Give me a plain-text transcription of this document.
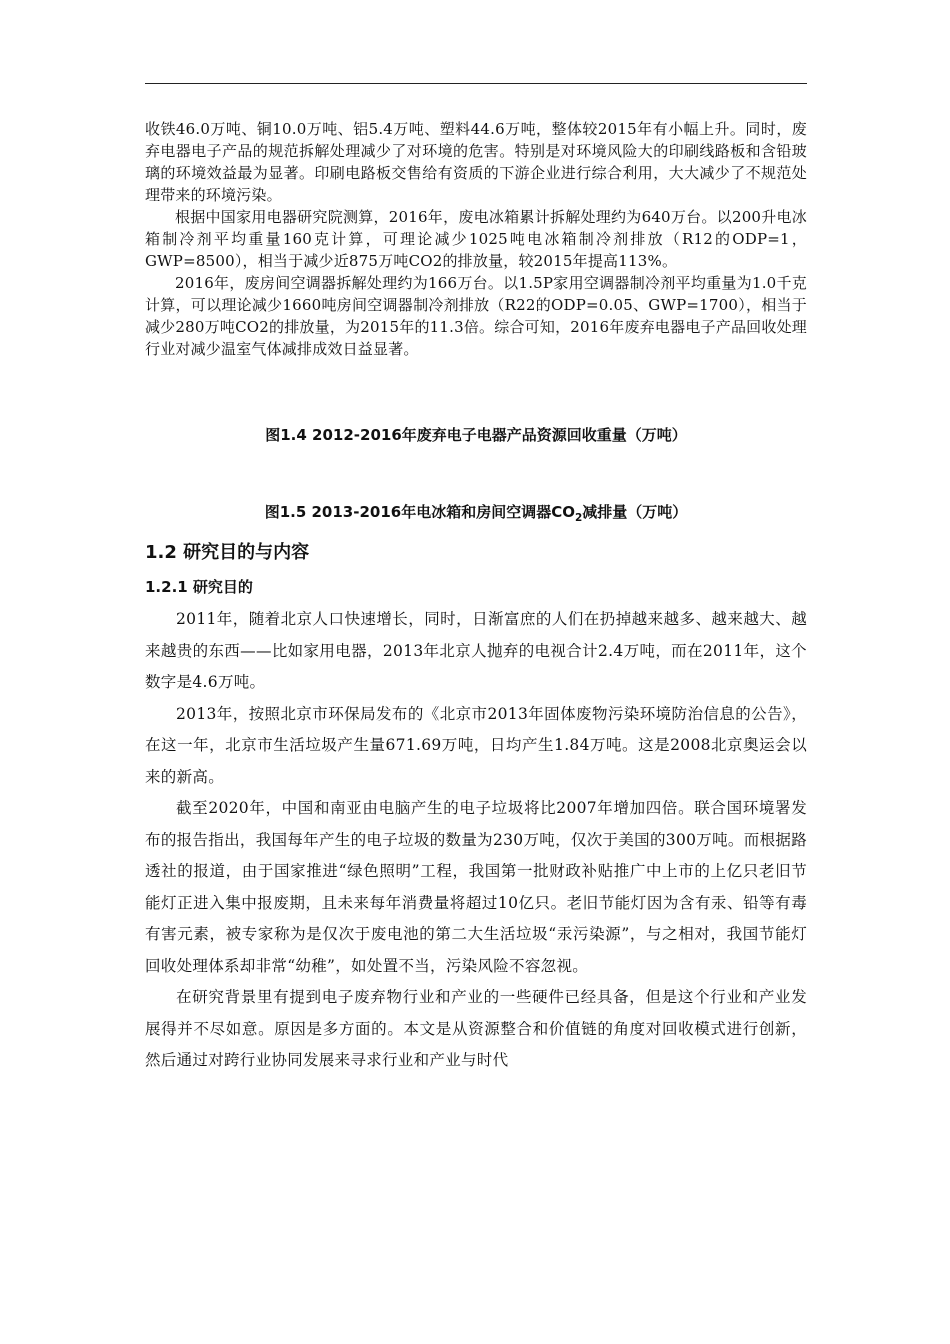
收铁46.0万吨、铜10.0万吨、铝5.4万吨、塑料44.6万吨，整体较2015年有小幅上升。同时，废弃电器电子产品的规范拆解处理减少了对环境的危害。特别是对环境风险大的印刷线路板和含铅玻璃的环境效益最为显著。印刷电路板交售给有资质的下游企业进行综合利用，大大减少了不规范处理带来的环境污染。

根据中国家用电器研究院测算，2016年，废电冰箱累计拆解处理约为640万台。以200升电冰箱制冷剂平均重量160克计算，可理论减少1025吨电冰箱制冷剂排放（R12的ODP=1，GWP=8500），相当于减少近875万吨CO2的排放量，较2015年提高113%。

2016年，废房间空调器拆解处理约为166万台。以1.5P家用空调器制冷剂平均重量为1.0千克计算，可以理论减少1660吨房间空调器制冷剂排放（R22的ODP=0.05、GWP=1700），相当于减少280万吨CO2的排放量，为2015年的11.3倍。综合可知，2016年废弃电器电子产品回收处理行业对减少温室气体减排成效日益显著。

图1.4 2012-2016年废弃电子电器产品资源回收重量（万吨）

图1.5 2013-2016年电冰箱和房间空调器$CO_2$减排量（万吨）

1.2 研究目的与内容
1.2.1 研究目的

2011年，随着北京人口快速增长，同时，日渐富庶的人们在扔掉越来越多、越来越大、越来越贵的东西——比如家用电器，2013年北京人抛弃的电视合计2.4万吨，而在2011年，这个数字是4.6万吨。

2013年，按照北京市环保局发布的《北京市2013年固体废物污染环境防治信息的公告》，在这一年，北京市生活垃圾产生量671.69万吨，日均产生1.84万吨。这是2008北京奥运会以来的新高。

截至2020年，中国和南亚由电脑产生的电子垃圾将比2007年增加四倍。联合国环境署发布的报告指出，我国每年产生的电子垃圾的数量为230万吨，仅次于美国的300万吨。而根据路透社的报道，由于国家推进“绿色照明”工程，我国第一批财政补贴推广中上市的上亿只老旧节能灯正进入集中报废期，且未来每年消费量将超过10亿只。老旧节能灯因为含有汞、铅等有毒有害元素，被专家称为是仅次于废电池的第二大生活垃圾“汞污染源”，与之相对，我国节能灯回收处理体系却非常“幼稚”，如处置不当，污染风险不容忽视。

在研究背景里有提到电子废弃物行业和产业的一些硬件已经具备，但是这个行业和产业发展得并不尽如意。原因是多方面的。本文是从资源整合和价值链的角度对回收模式进行创新，然后通过对跨行业协同发展来寻求行业和产业与时代
